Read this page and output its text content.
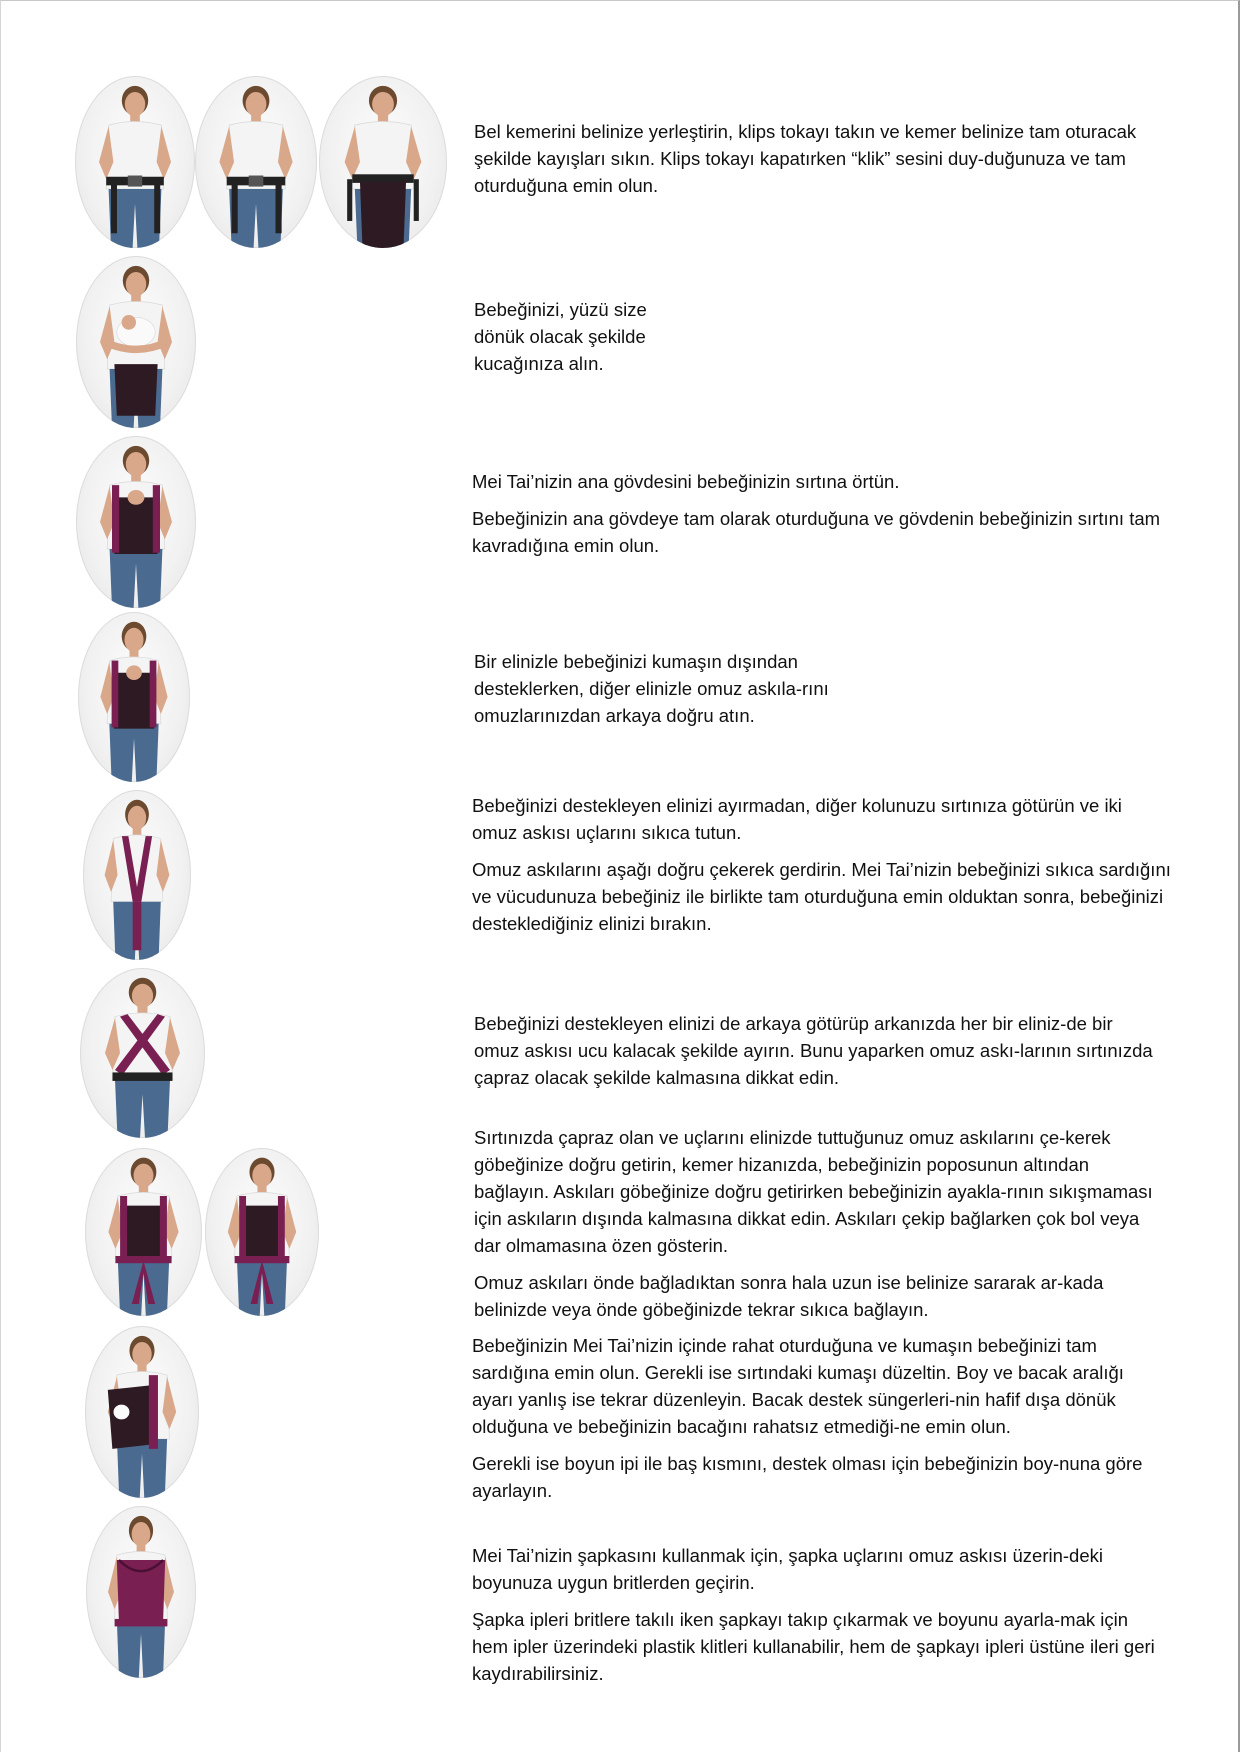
Bel kemerini belinize yerleştirin, klips tokayı takın ve kemer belinize tam oturacak şekilde kayışları sıkın. Klips tokayı kapatırken “klik” sesini duy-duğunuza ve tam oturduğuna emin olun.

Bebeğinizi, yüzü size dönük olacak şekilde kucağınıza alın.

Mei Tai’nizin ana gövdesini bebeğinizin sırtına örtün.

Bebeğinizin ana gövdeye tam olarak oturduğuna ve gövdenin bebeğinizin sırtını tam kavradığına emin olun.

Bir elinizle bebeğinizi kumaşın dışından desteklerken, diğer elinizle omuz askıla-rını omuzlarınızdan arkaya doğru atın.

Bebeğinizi destekleyen elinizi ayırmadan, diğer kolunuzu sırtınıza götürün ve iki omuz askısı uçlarını sıkıca tutun.

Omuz askılarını aşağı doğru çekerek gerdirin. Mei Tai’nizin bebeğinizi sıkıca sardığını ve vücudunuza bebeğiniz ile birlikte tam oturduğuna emin olduktan sonra, bebeğinizi desteklediğiniz elinizi bırakın.

Bebeğinizi destekleyen elinizi de arkaya götürüp arkanızda her bir eliniz-de bir omuz askısı ucu kalacak şekilde ayırın. Bunu yaparken omuz askı-larının sırtınızda çapraz olacak şekilde kalmasına dikkat edin.

Sırtınızda çapraz olan ve uçlarını elinizde tuttuğunuz omuz askılarını çe-kerek göbeğinize doğru getirin, kemer hizanızda, bebeğinizin poposunun altından bağlayın. Askıları göbeğinize doğru getirirken bebeğinizin ayakla-rının sıkışmaması için askıların dışında kalmasına dikkat edin. Askıları çekip bağlarken çok bol veya dar olmamasına özen gösterin.

Omuz askıları önde bağladıktan sonra hala uzun ise belinize sararak ar-kada belinizde veya önde göbeğinizde tekrar sıkıca bağlayın.

Bebeğinizin Mei Tai’nizin içinde rahat oturduğuna ve kumaşın bebeğinizi tam sardığına emin olun. Gerekli ise sırtındaki kumaşı düzeltin. Boy ve bacak aralığı ayarı yanlış ise tekrar düzenleyin. Bacak destek süngerleri-nin hafif dışa dönük olduğuna ve bebeğinizin bacağını rahatsız etmediği-ne emin olun.

Gerekli ise boyun ipi ile baş kısmını, destek olması için bebeğinizin boy-nuna göre ayarlayın.

Mei Tai’nizin şapkasını kullanmak için, şapka uçlarını omuz askısı üzerin-deki boyunuza uygun britlerden geçirin.

Şapka ipleri britlere takılı iken şapkayı takıp çıkarmak ve boyunu ayarla-mak için hem ipler üzerindeki plastik klitleri kullanabilir, hem de şapkayı ipleri üstüne ileri geri kaydırabilirsiniz.
